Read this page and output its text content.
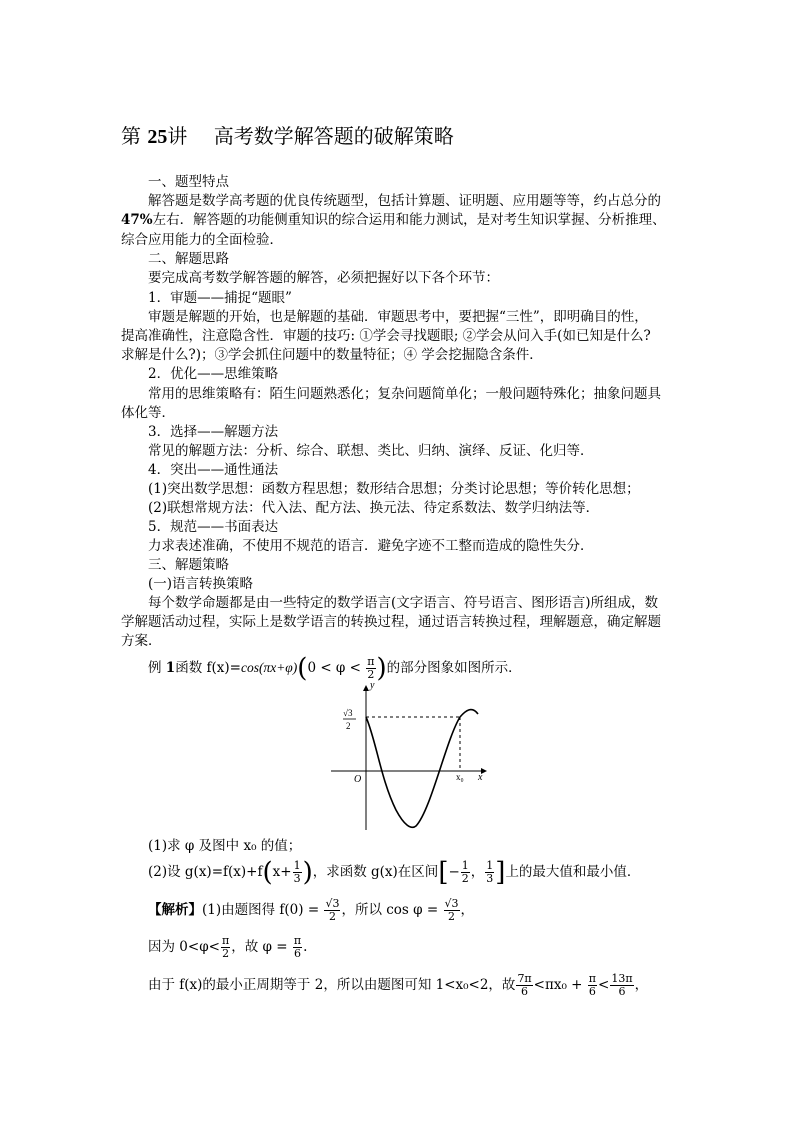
第 25讲　 高考数学解答题的破解策略
一、题型特点
解答题是数学高考题的优良传统题型，包括计算题、证明题、应用题等等，约占总分的
47%左右．解答题的功能侧重知识的综合运用和能力测试，是对考生知识掌握、分析推理、
综合应用能力的全面检验．
二、解题思路
要完成高考数学解答题的解答，必须把握好以下各个环节：
1．审题——捕捉“题眼”
审题是解题的开始，也是解题的基础．审题思考中，要把握“三性”，即明确目的性，
提高准确性，注意隐含性．审题的技巧: ①学会寻找题眼; ②学会从问入手(如已知是什么?
求解是什么?)；③学会抓住问题中的数量特征；④ 学会挖掘隐含条件．
2．优化——思维策略
常用的思维策略有：陌生问题熟悉化；复杂问题简单化；一般问题特殊化；抽象问题具
体化等．
3．选择——解题方法
常见的解题方法：分析、综合、联想、类比、归纳、演绎、反证、化归等．
4．突出——通性通法
(1)突出数学思想：函数方程思想；数形结合思想；分类讨论思想；等价转化思想；
(2)联想常规方法：代入法、配方法、换元法、待定系数法、数学归纳法等．
5．规范——书面表达
力求表述准确，不使用不规范的语言．避免字迹不工整而造成的隐性失分．
三、解题策略
(一)语言转换策略
每个数学命题都是由一些特定的数学语言(文字语言、符号语言、图形语言)所组成，数
学解题活动过程，实际上是数学语言的转换过程，通过语言转换过程，理解题意，确定解题
方案．
例 1函数 $f(x)=\cos(\pi x+\varphi)(0 < \varphi < \frac{\pi}{2}$ )的部分图象如图所示．
y
x
O	x₀
√3
2
(1)求 φ 及图中 x₀ 的值；
(2)设 $g(x)=f(x)+f(x+ \frac{1}{3}$ )，求函数 g(x)在区间[− $\frac{1}{2}$ ， $\frac{1}{3}$ ]上的最大值和最小值．
【解析】(1)由题图得 $f(0) = \frac{√3}{2}$ ，所以 $\cos \varphi = \frac{√3}{2}$ ，
因为 $0<\varphi< \frac{\pi}{2}$ ，故 $\varphi = \frac{\pi}{6}$ .
由于 f(x)的最小正周期等于 2，所以由题图可知 1<x₀<2，故 $\frac{7\pi}{6} <\pi x_0 + \frac{\pi}{6} < \frac{13\pi}{6}$ ，
